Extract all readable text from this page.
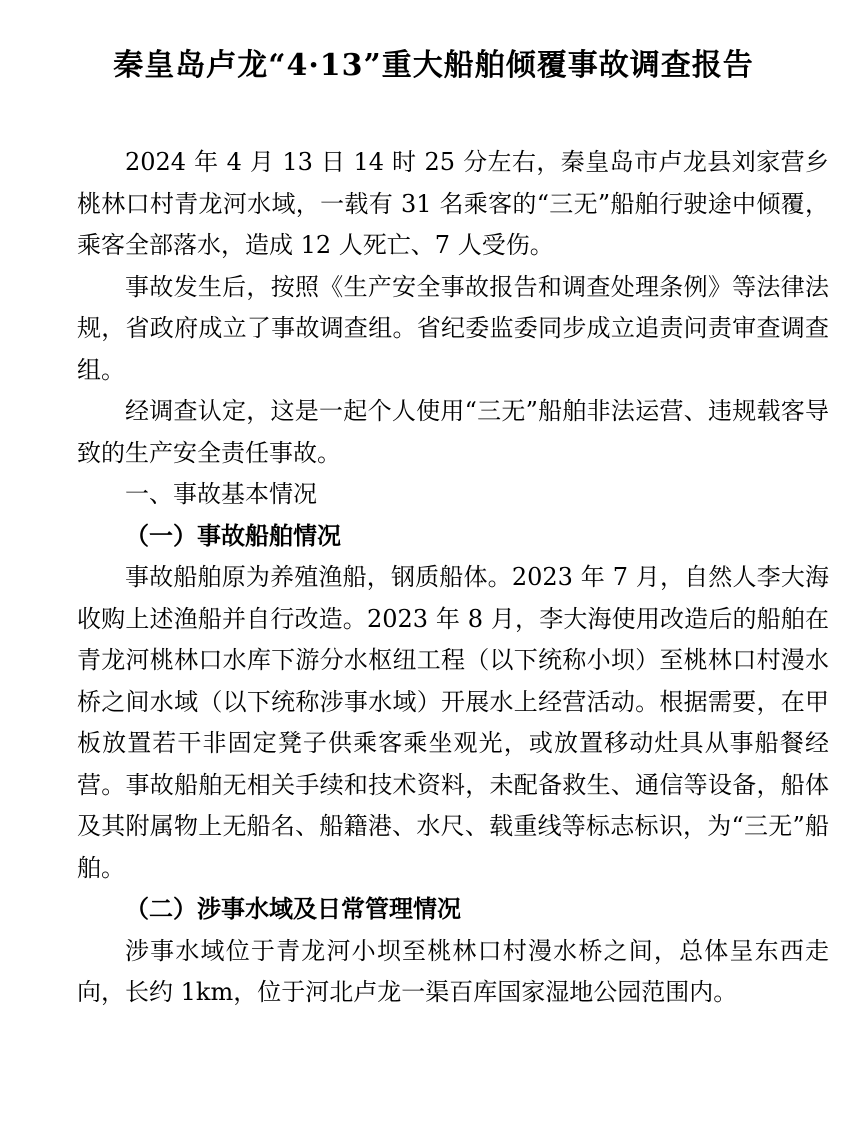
秦皇岛卢龙“4·13”重大船舶倾覆事故调查报告

2024 年 4 月 13 日 14 时 25 分左右，秦皇岛市卢龙县刘家营乡桃林口村青龙河水域，一载有 31 名乘客的“三无”船舶行驶途中倾覆，乘客全部落水，造成 12 人死亡、7 人受伤。

事故发生后，按照《生产安全事故报告和调查处理条例》等法律法规，省政府成立了事故调查组。省纪委监委同步成立追责问责审查调查组。

经调查认定，这是一起个人使用“三无”船舶非法运营、违规载客导致的生产安全责任事故。

一、事故基本情况

（一）事故船舶情况

事故船舶原为养殖渔船，钢质船体。2023 年 7 月，自然人李大海收购上述渔船并自行改造。2023 年 8 月，李大海使用改造后的船舶在青龙河桃林口水库下游分水枢纽工程（以下统称小坝）至桃林口村漫水桥之间水域（以下统称涉事水域）开展水上经营活动。根据需要，在甲板放置若干非固定凳子供乘客乘坐观光，或放置移动灶具从事船餐经营。事故船舶无相关手续和技术资料，未配备救生、通信等设备，船体及其附属物上无船名、船籍港、水尺、载重线等标志标识，为“三无”船舶。

（二）涉事水域及日常管理情况

涉事水域位于青龙河小坝至桃林口村漫水桥之间，总体呈东西走向，长约 1km，位于河北卢龙一渠百库国家湿地公园范围内。
